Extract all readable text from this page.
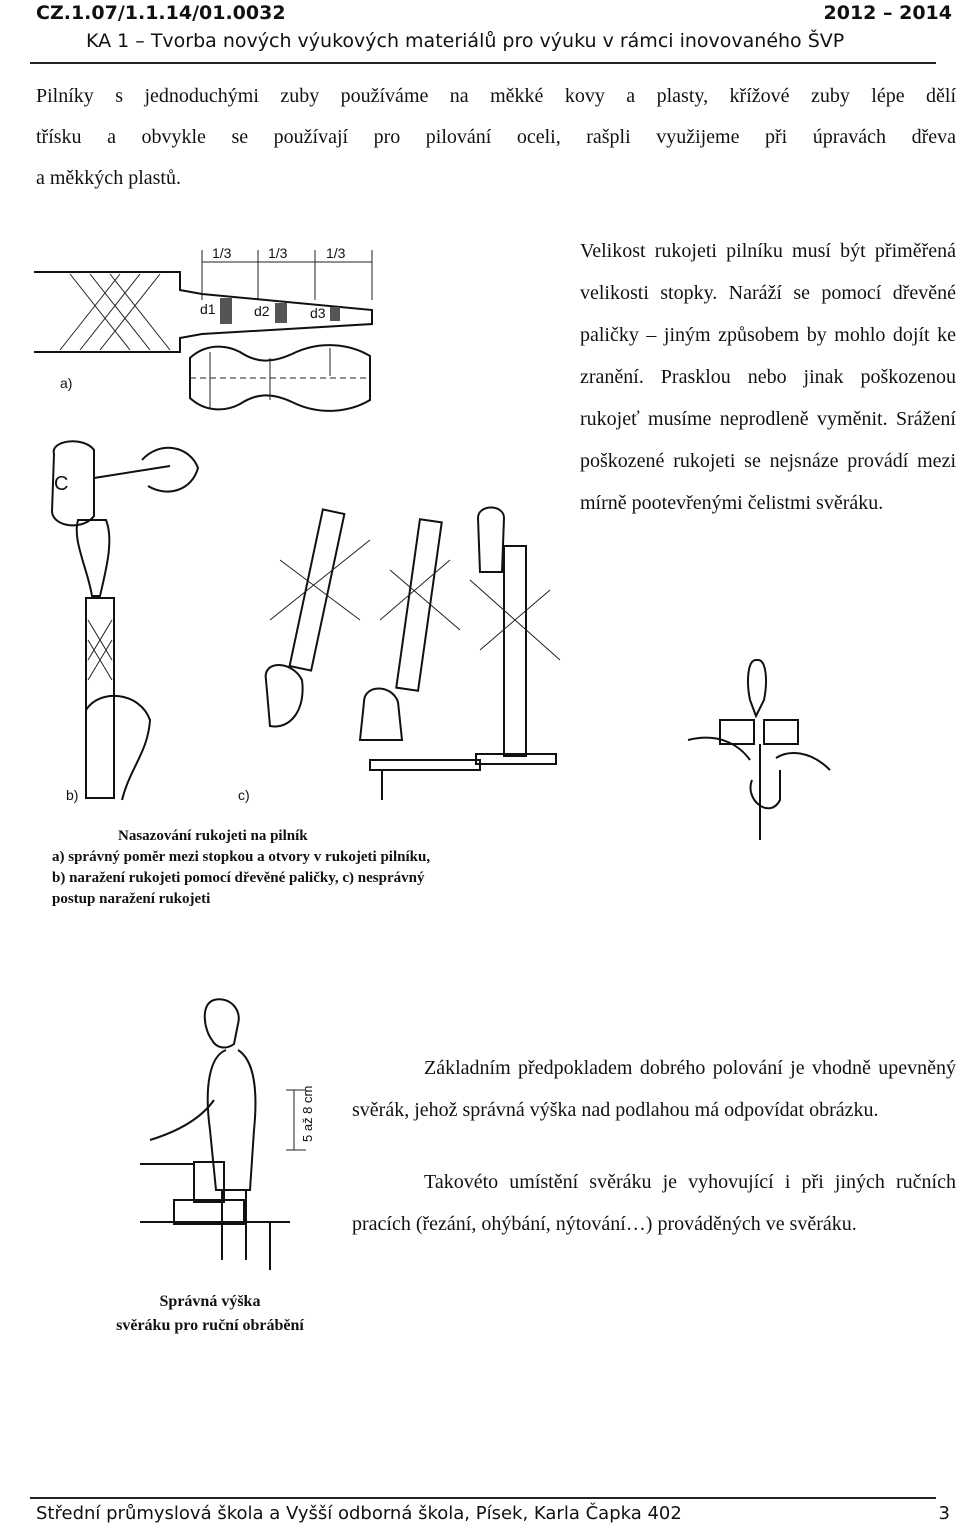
CZ.1.07/1.1.14/01.0032	2012 – 2014
KA 1 – Tvorba nových výukových materiálů pro výuku v rámci inovovaného ŠVP

Pilníky s jednoduchými zuby používáme na měkké kovy a plasty, křížové zuby lépe dělí

třísku a obvykle se používají pro pilování oceli, rašpli využijeme při úpravách dřeva

a měkkých plastů.

Velikost rukojeti pilníku musí být přiměřená velikosti stopky. Naráží se pomocí dřevěné paličky – jiným způsobem by mohlo dojít ke zranění. Prasklou nebo jinak poškozenou rukojeť musíme neprodleně vyměnit. Srážení poškozené rukojeti se nejsnáze provádí mezi mírně pootevřenými čelistmi svěráku.
1/3	1/3	1/3
d1	d2	d3
a)
C
b)	c)
Nasazování rukojeti na pilník
a) správný poměr mezi stopkou a otvory v rukojeti pilníku,
b) naražení rukojeti pomocí dřevěné paličky, c) nesprávný
postup naražení rukojeti
5 až 8 cm
Správná výška
svěráku pro ruční obrábění

Základním předpokladem dobrého polování je vhodně upevněný svěrák, jehož správná výška nad podlahou má odpovídat obrázku.

Takovéto umístění svěráku je vyhovující i při jiných ručních pracích (řezání, ohýbání, nýtování…) prováděných ve svěráku.

Střední průmyslová škola a Vyšší odborná škola, Písek, Karla Čapka 402	3
